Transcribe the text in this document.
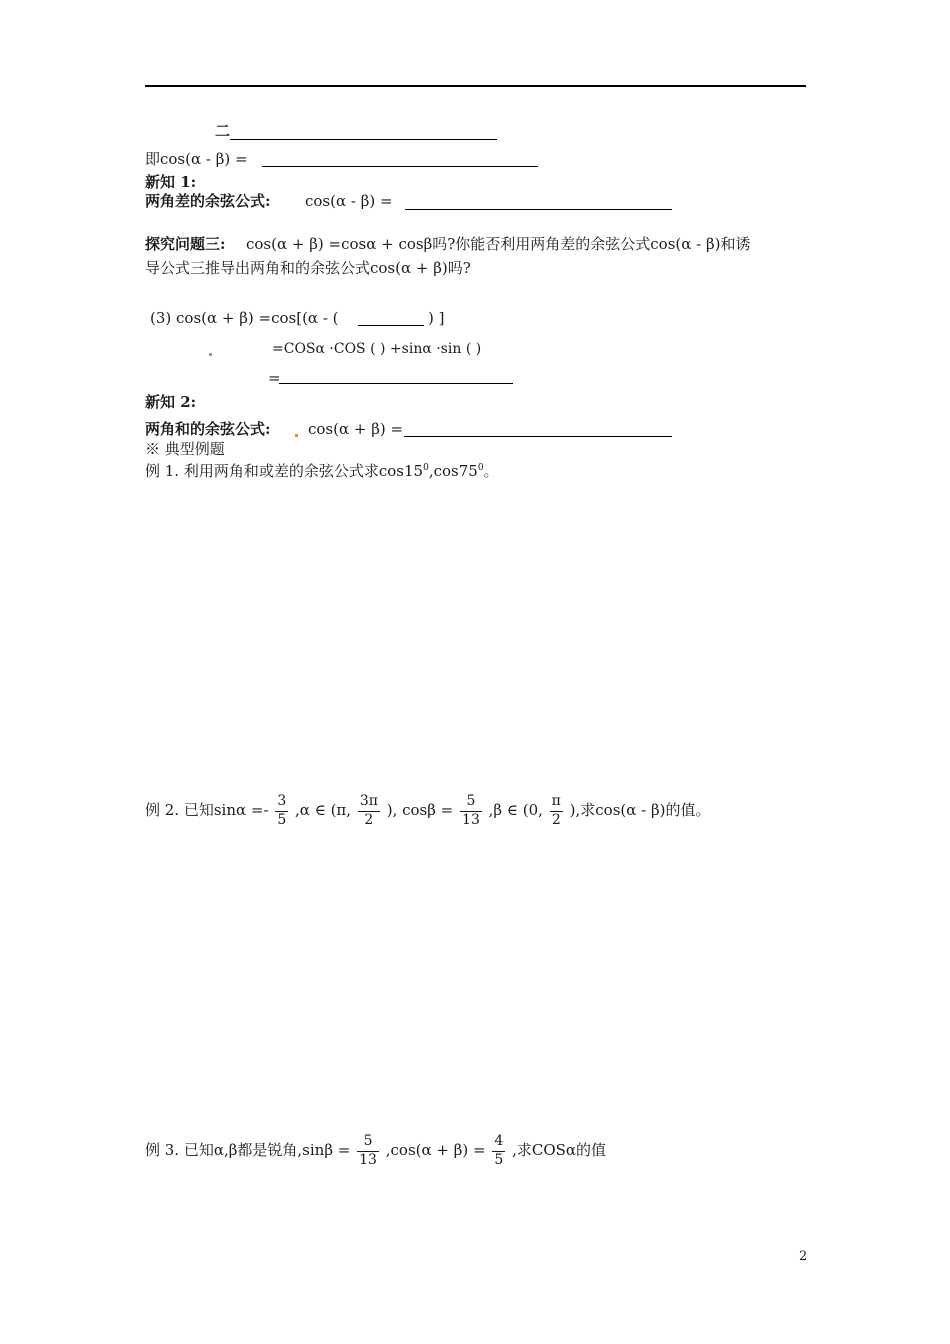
二
即cos(α - β) =
新知 1:
两角差的余弦公式: cos(α - β) =
探究问题三: cos(α + β) =cosα + cosβ吗?你能否利用两角差的余弦公式cos(α - β)和诱
导公式三推导出两角和的余弦公式cos(α + β)吗?
(3) cos(α + β) =cos[(α - (	) ]
=COSα ·COS ( ) +sinα ·sin ( )
=
新知 2:
两角和的余弦公式: cos(α + β) =
※ 典型例题
例 1. 利用两角和或差的余弦公式求$\cos 15^0,\cos 75^0$。
例 2. 已知$\sin\alpha =- \frac{3}{5} ,\alpha$ ∈ (π, $\frac{3\pi}{2}$ ), $\cos\beta = \frac{5}{13} ,\beta$ ∈ (0, $\frac{\pi}{2}$ ),求cos(α - β)的值。
例 3. 已知α,β都是锐角$,\sin\beta = \frac{5}{13} ,\cos(\alpha + \beta) = \frac{4}{5}$ ,求COSα的值
2
